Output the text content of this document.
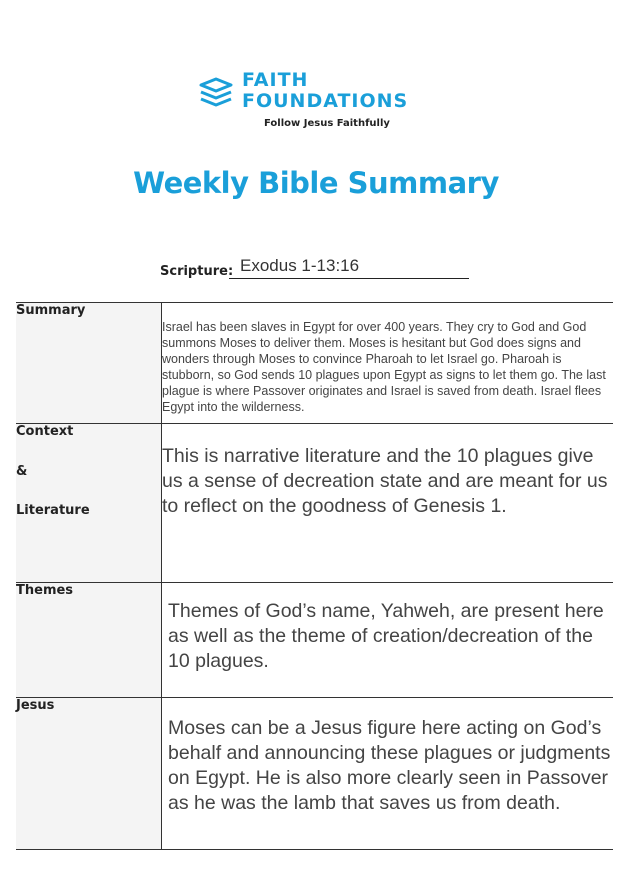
FAITH
FOUNDATIONS
Follow Jesus Faithfully
Weekly Bible Summary
Scripture: Exodus 1-13:16
Summary	Israel has been slaves in Egypt for over 400 years. They cry to God and God summons Moses to deliver them. Moses is hesitant but God does signs and wonders through Moses to convince Pharoah to let Israel go. Pharoah is stubborn, so God sends 10 plagues upon Egypt as signs to let them go. The last plague is where Passover originates and Israel is saved from death. Israel flees Egypt into the wilderness.

Context
&
Literature	This is narrative literature and the 10 plagues give us a sense of decreation state and are meant for us to reflect on the goodness of Genesis 1.

Themes	Themes of God’s name, Yahweh, are present here as well as the theme of creation/decreation of the 10 plagues.

Jesus	Moses can be a Jesus figure here acting on God’s behalf and announcing these plagues or judgments on Egypt. He is also more clearly seen in Passover as he was the lamb that saves us from death.
